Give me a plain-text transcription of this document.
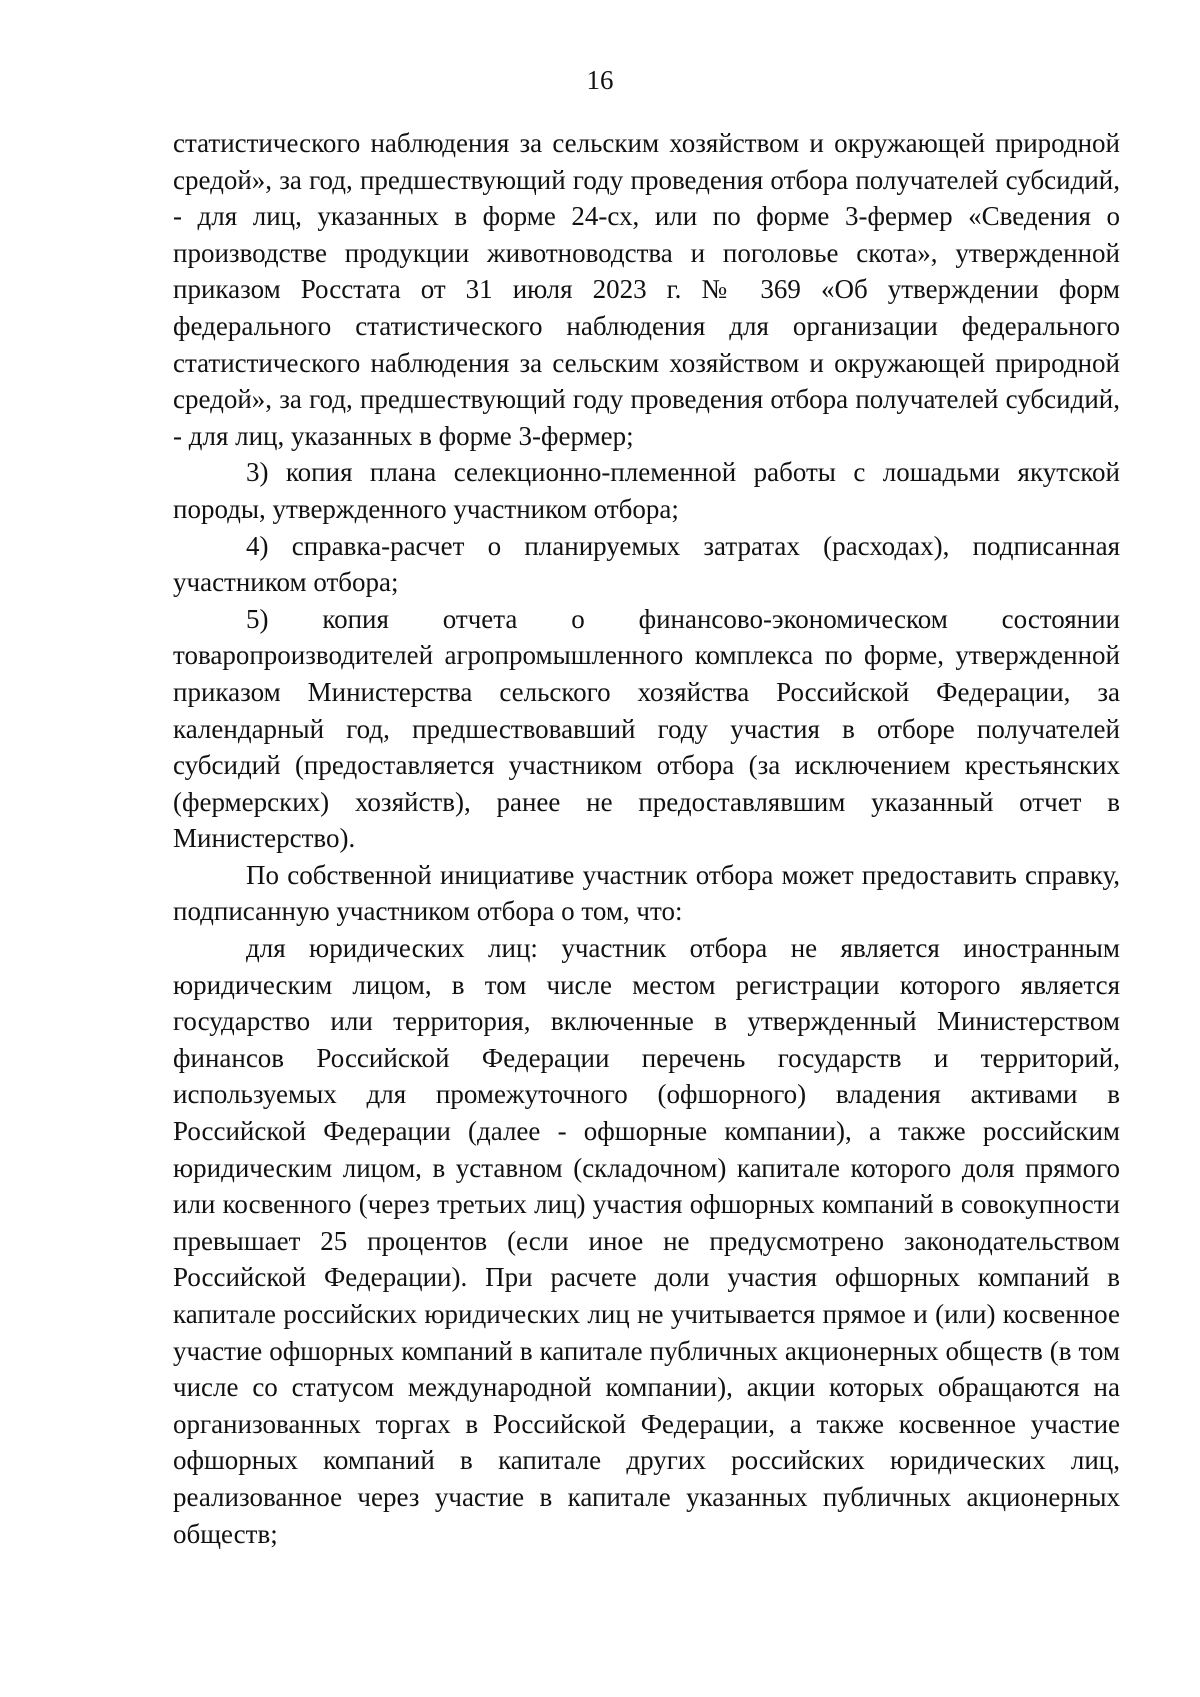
16

статистического наблюдения за сельским хозяйством и окружающей природной средой», за год, предшествующий году проведения отбора получателей субсидий, - для лиц, указанных в форме 24-сх, или по форме 3-фермер «Сведения о производстве продукции животноводства и поголовье скота», утвержденной приказом Росстата от 31 июля 2023 г. № 369 «Об утверждении форм федерального статистического наблюдения для организации федерального статистического наблюдения за сельским хозяйством и окружающей природной средой», за год, предшествующий году проведения отбора получателей субсидий, - для лиц, указанных в форме 3-фермер;

3) копия плана селекционно-племенной работы с лошадьми якутской породы, утвержденного участником отбора;

4) справка-расчет о планируемых затратах (расходах), подписанная участником отбора;

5) копия отчета о финансово-экономическом состоянии товаропроизводителей агропромышленного комплекса по форме, утвержденной приказом Министерства сельского хозяйства Российской Федерации, за календарный год, предшествовавший году участия в отборе получателей субсидий (предоставляется участником отбора (за исключением крестьянских (фермерских) хозяйств), ранее не предоставлявшим указанный отчет в Министерство).

По собственной инициативе участник отбора может предоставить справку, подписанную участником отбора о том, что:

для юридических лиц: участник отбора не является иностранным юридическим лицом, в том числе местом регистрации которого является государство или территория, включенные в утвержденный Министерством финансов Российской Федерации перечень государств и территорий, используемых для промежуточного (офшорного) владения активами в Российской Федерации (далее - офшорные компании), а также российским юридическим лицом, в уставном (складочном) капитале которого доля прямого или косвенного (через третьих лиц) участия офшорных компаний в совокупности превышает 25 процентов (если иное не предусмотрено законодательством Российской Федерации). При расчете доли участия офшорных компаний в капитале российских юридических лиц не учитывается прямое и (или) косвенное участие офшорных компаний в капитале публичных акционерных обществ (в том числе со статусом международной компании), акции которых обращаются на организованных торгах в Российской Федерации, а также косвенное участие офшорных компаний в капитале других российских юридических лиц, реализованное через участие в капитале указанных публичных акционерных обществ;
